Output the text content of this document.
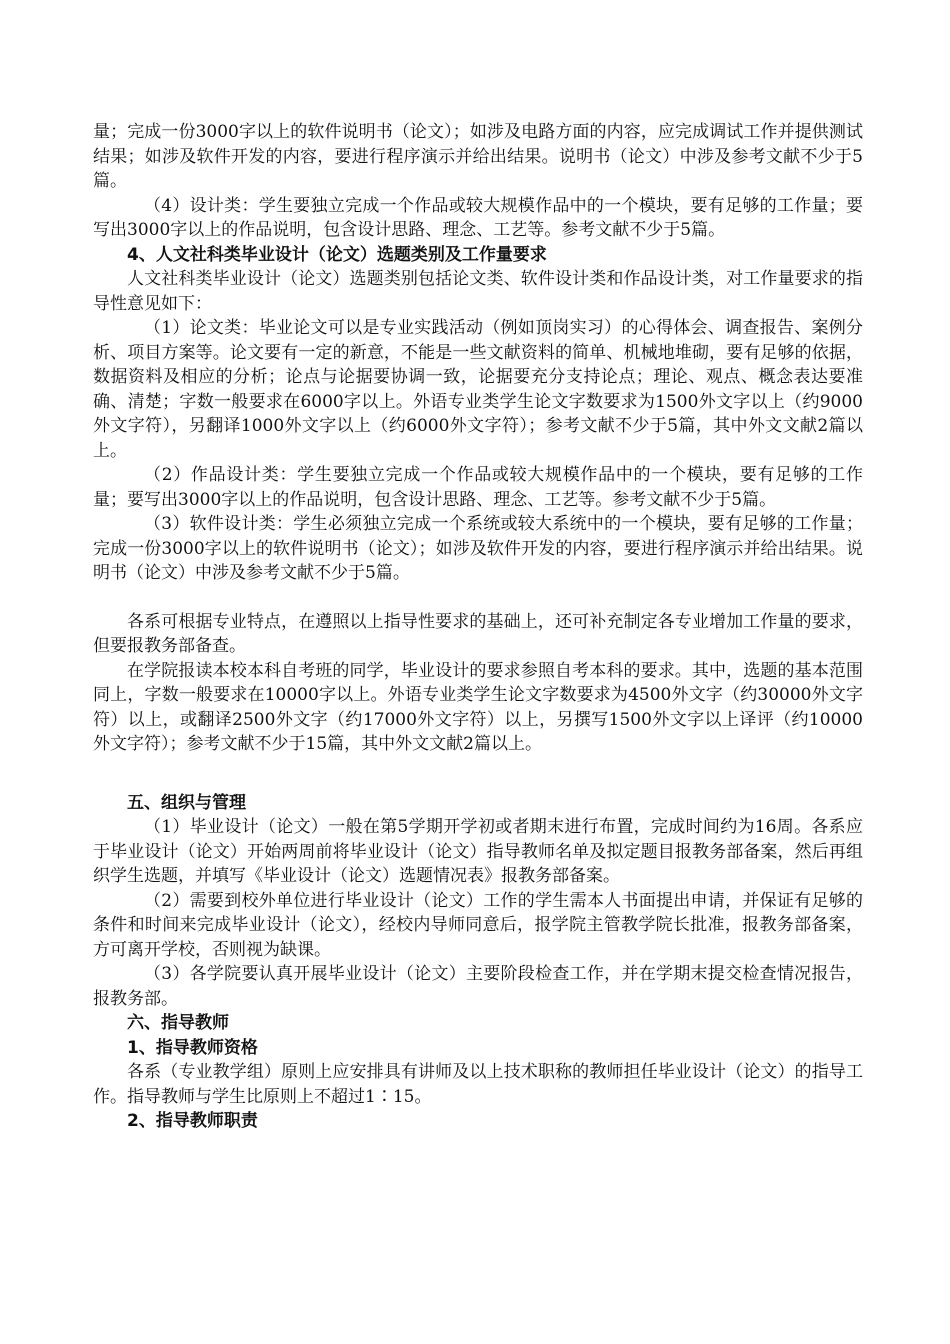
量；完成一份3000字以上的软件说明书（论文）；如涉及电路方面的内容，应完成调试工作并提供测试结果；如涉及软件开发的内容，要进行程序演示并给出结果。说明书（论文）中涉及参考文献不少于5篇。

（4）设计类：学生要独立完成一个作品或较大规模作品中的一个模块，要有足够的工作量；要写出3000字以上的作品说明，包含设计思路、理念、工艺等。参考文献不少于5篇。

4、人文社科类毕业设计（论文）选题类别及工作量要求

人文社科类毕业设计（论文）选题类别包括论文类、软件设计类和作品设计类，对工作量要求的指导性意见如下：

（1）论文类：毕业论文可以是专业实践活动（例如顶岗实习）的心得体会、调查报告、案例分析、项目方案等。论文要有一定的新意，不能是一些文献资料的简单、机械地堆砌，要有足够的依据，数据资料及相应的分析；论点与论据要协调一致，论据要充分支持论点；理论、观点、概念表达要准确、清楚；字数一般要求在6000字以上。外语专业类学生论文字数要求为1500外文字以上（约9000外文字符），另翻译1000外文字以上（约6000外文字符）；参考文献不少于5篇，其中外文文献2篇以上。

（2）作品设计类：学生要独立完成一个作品或较大规模作品中的一个模块，要有足够的工作量；要写出3000字以上的作品说明，包含设计思路、理念、工艺等。参考文献不少于5篇。

（3）软件设计类：学生必须独立完成一个系统或较大系统中的一个模块，要有足够的工作量；完成一份3000字以上的软件说明书（论文）；如涉及软件开发的内容，要进行程序演示并给出结果。说明书（论文）中涉及参考文献不少于5篇。

各系可根据专业特点，在遵照以上指导性要求的基础上，还可补充制定各专业增加工作量的要求，但要报教务部备查。

在学院报读本校本科自考班的同学，毕业设计的要求参照自考本科的要求。其中，选题的基本范围同上，字数一般要求在10000字以上。外语专业类学生论文字数要求为4500外文字（约30000外文字符）以上，或翻译2500外文字（约17000外文字符）以上，另撰写1500外文字以上译评（约10000外文字符）；参考文献不少于15篇，其中外文文献2篇以上。

五、组织与管理

（1）毕业设计（论文）一般在第5学期开学初或者期末进行布置，完成时间约为16周。各系应于毕业设计（论文）开始两周前将毕业设计（论文）指导教师名单及拟定题目报教务部备案，然后再组织学生选题，并填写《毕业设计（论文）选题情况表》报教务部备案。

（2）需要到校外单位进行毕业设计（论文）工作的学生需本人书面提出申请，并保证有足够的条件和时间来完成毕业设计（论文），经校内导师同意后，报学院主管教学院长批准，报教务部备案，方可离开学校，否则视为缺课。

（3）各学院要认真开展毕业设计（论文）主要阶段检查工作，并在学期末提交检查情况报告，报教务部。

六、指导教师

1、指导教师资格

各系（专业教学组）原则上应安排具有讲师及以上技术职称的教师担任毕业设计（论文）的指导工作。指导教师与学生比原则上不超过1∶15。

2、指导教师职责
